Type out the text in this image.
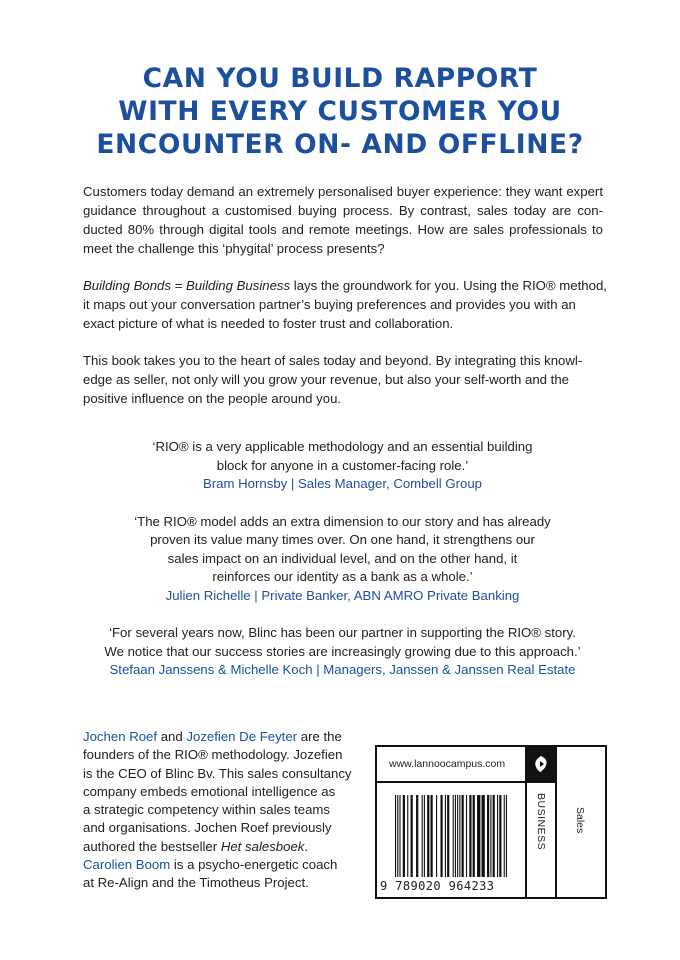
CAN YOU BUILD RAPPORT
WITH EVERY CUSTOMER YOU
ENCOUNTER ON- AND OFFLINE?

Customers today demand an extremely personalised buyer experience: they want expert
guidance throughout a customised buying process. By contrast, sales today are con-
ducted 80% through digital tools and remote meetings. How are sales professionals to
meet the challenge this ‘phygital’ process presents?

Building Bonds = Building Business lays the groundwork for you. Using the RIO® method,
it maps out your conversation partner’s buying preferences and provides you with an
exact picture of what is needed to foster trust and collaboration.

This book takes you to the heart of sales today and beyond. By integrating this knowl-
edge as seller, not only will you grow your revenue, but also your self-worth and the
positive influence on the people around you.

‘RIO® is a very applicable methodology and an essential building
block for anyone in a customer-facing role.’
Bram Hornsby | Sales Manager, Combell Group
‘The RIO® model adds an extra dimension to our story and has already
proven its value many times over. On one hand, it strengthens our
sales impact on an individual level, and on the other hand, it
reinforces our identity as a bank as a whole.’
Julien Richelle | Private Banker, ABN AMRO Private Banking
‘For several years now, Blinc has been our partner in supporting the RIO® story.
We notice that our success stories are increasingly growing due to this approach.’
Stefaan Janssens & Michelle Koch | Managers, Janssen & Janssen Real Estate
Jochen Roef and Jozefien De Feyter are the
founders of the RIO® methodology. Jozefien
is the CEO of Blinc Bv. This sales consultancy
company embeds emotional intelligence as
a strategic competency within sales teams
and organisations. Jochen Roef previously
authored the bestseller Het salesboek.
Carolien Boom is a psycho-energetic coach
at Re-Align and the Timotheus Project.
www.lannoocampus.com
BUSINESS	Sales
9 789020 964233
